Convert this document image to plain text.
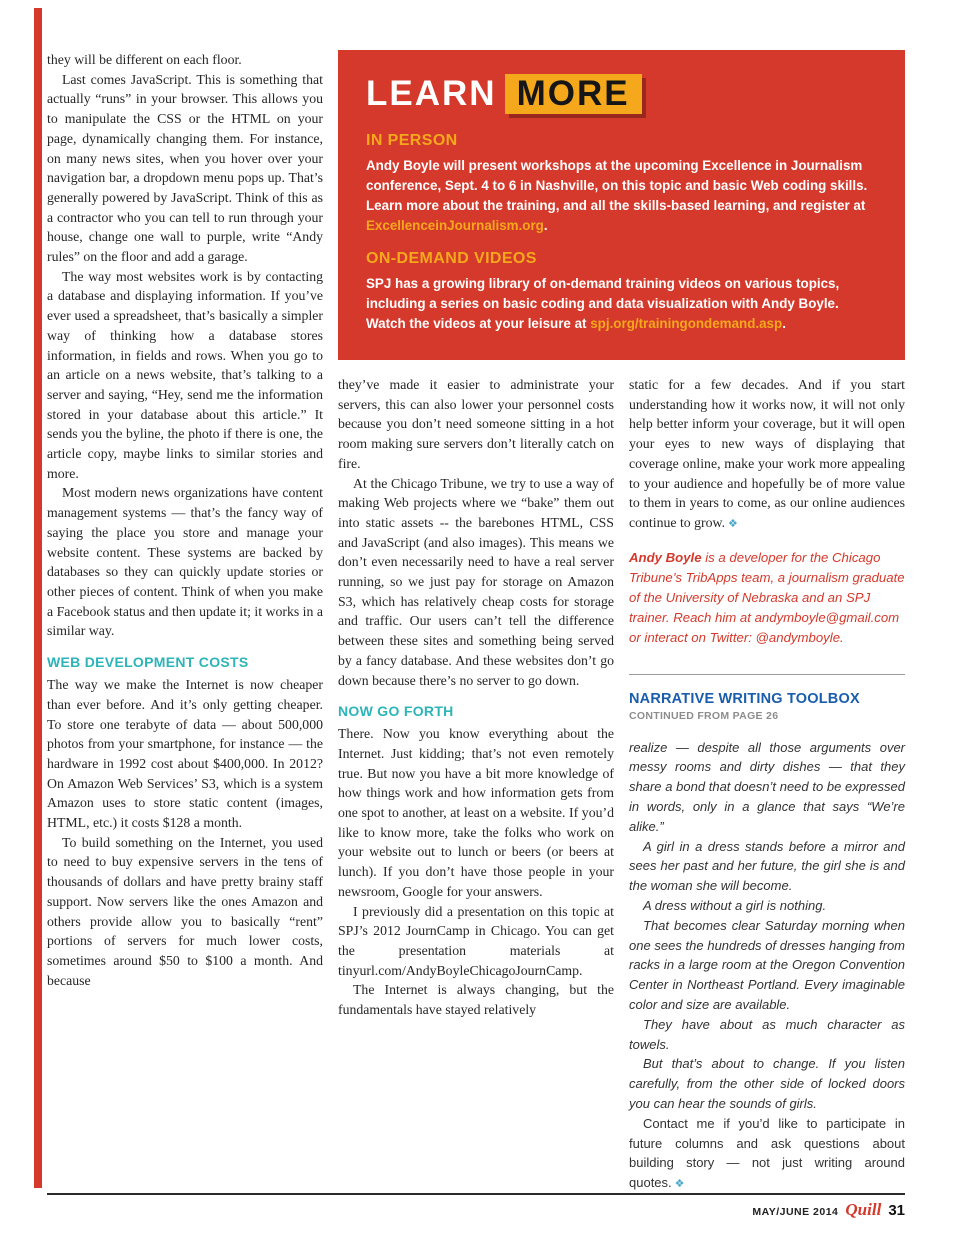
they will be different on each floor.

Last comes JavaScript. This is something that actually “runs” in your browser. This allows you to manipulate the CSS or the HTML on your page, dynamically changing them. For instance, on many news sites, when you hover over your navigation bar, a dropdown menu pops up. That’s generally powered by JavaScript. Think of this as a contractor who you can tell to run through your house, change one wall to purple, write “Andy rules” on the floor and add a garage.

The way most websites work is by contacting a database and displaying information. If you’ve ever used a spreadsheet, that’s basically a simpler way of thinking how a database stores information, in fields and rows. When you go to an article on a news website, that’s talking to a server and saying, “Hey, send me the information stored in your database about this article.” It sends you the byline, the photo if there is one, the article copy, maybe links to similar stories and more.

Most modern news organizations have content management systems — that’s the fancy way of saying the place you store and manage your website content. These systems are backed by databases so they can quickly update stories or other pieces of content. Think of when you make a Facebook status and then update it; it works in a similar way.

WEB DEVELOPMENT COSTS

The way we make the Internet is now cheaper than ever before. And it’s only getting cheaper. To store one terabyte of data — about 500,000 photos from your smartphone, for instance — the hardware in 1992 cost about $400,000. In 2012? On Amazon Web Services’ S3, which is a system Amazon uses to store static content (images, HTML, etc.) it costs $128 a month.

To build something on the Internet, you used to need to buy expensive servers in the tens of thousands of dollars and have pretty brainy staff support. Now servers like the ones Amazon and others provide allow you to basically “rent” portions of servers for much lower costs, sometimes around $50 to $100 a month. And because

LEARN MORE
IN PERSON

Andy Boyle will present workshops at the upcoming Excellence in Journalism conference, Sept. 4 to 6 in Nashville, on this topic and basic Web coding skills. Learn more about the training, and all the skills-based learning, and register at ExcellenceinJournalism.org.

ON-DEMAND VIDEOS

SPJ has a growing library of on-demand training videos on various topics, including a series on basic coding and data visualization with Andy Boyle. Watch the videos at your leisure at spj.org/trainingondemand.asp.

they’ve made it easier to administrate your servers, this can also lower your personnel costs because you don’t need someone sitting in a hot room making sure servers don’t literally catch on fire.

At the Chicago Tribune, we try to use a way of making Web projects where we “bake” them out into static assets -- the barebones HTML, CSS and JavaScript (and also images). This means we don’t even necessarily need to have a real server running, so we just pay for storage on Amazon S3, which has relatively cheap costs for storage and traffic. Our users can’t tell the difference between these sites and something being served by a fancy database. And these websites don’t go down because there’s no server to go down.

NOW GO FORTH

There. Now you know everything about the Internet. Just kidding; that’s not even remotely true. But now you have a bit more knowledge of how things work and how information gets from one spot to another, at least on a website. If you’d like to know more, take the folks who work on your website out to lunch or beers (or beers at lunch). If you don’t have those people in your newsroom, Google for your answers.

I previously did a presentation on this topic at SPJ’s 2012 JournCamp in Chicago. You can get the presentation materials at tinyurl.com/AndyBoyleChicagoJournCamp.

The Internet is always changing, but the fundamentals have stayed relatively

static for a few decades. And if you start understanding how it works now, it will not only help better inform your coverage, but it will open your eyes to new ways of displaying that coverage online, make your work more appealing to your audience and hopefully be of more value to them in years to come, as our online audiences continue to grow. ❖

Andy Boyle is a developer for the Chicago Tribune’s TribApps team, a journalism graduate of the University of Nebraska and an SPJ trainer. Reach him at andymboyle@gmail.com or interact on Twitter: @andymboyle.

NARRATIVE WRITING TOOLBOX
CONTINUED FROM PAGE 26

realize — despite all those arguments over messy rooms and dirty dishes — that they share a bond that doesn’t need to be expressed in words, only in a glance that says “We’re alike.”

A girl in a dress stands before a mirror and sees her past and her future, the girl she is and the woman she will become.

A dress without a girl is nothing.

That becomes clear Saturday morning when one sees the hundreds of dresses hanging from racks in a large room at the Oregon Convention Center in Northeast Portland. Every imaginable color and size are available.

They have about as much character as towels.

But that’s about to change. If you listen carefully, from the other side of locked doors you can hear the sounds of girls.

Contact me if you’d like to participate in future columns and ask questions about building story — not just writing around quotes. ❖

MAY/JUNE 2014 Quill 31
